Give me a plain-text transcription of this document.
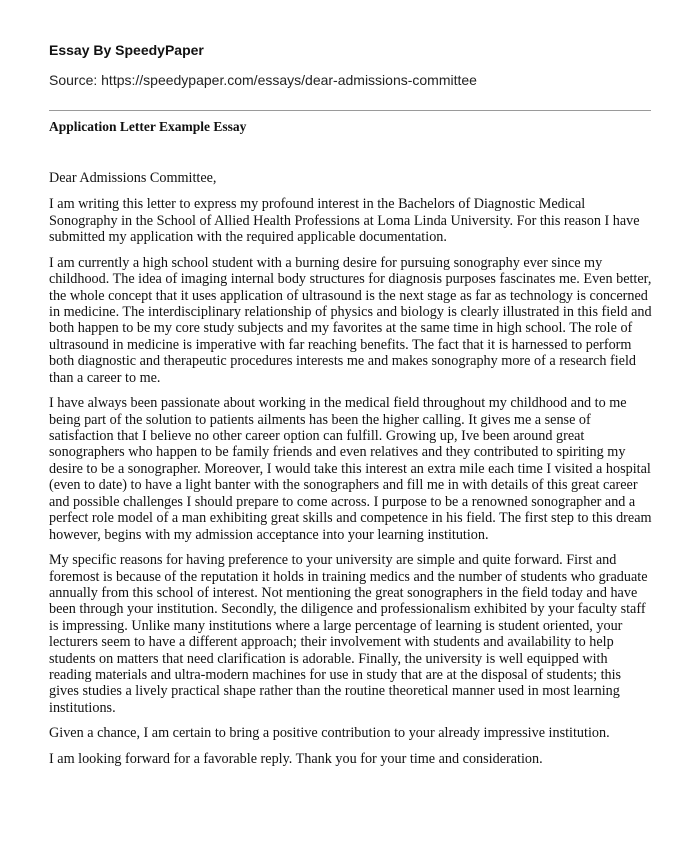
Essay By SpeedyPaper
Source: https://speedypaper.com/essays/dear-admissions-committee
Application Letter Example Essay

Dear Admissions Committee,

I am writing this letter to express my profound interest in the Bachelors of Diagnostic Medical Sonography in the School of Allied Health Professions at Loma Linda University. For this reason I have submitted my application with the required applicable documentation.

I am currently a high school student with a burning desire for pursuing sonography ever since my childhood. The idea of imaging internal body structures for diagnosis purposes fascinates me. Even better, the whole concept that it uses application of ultrasound is the next stage as far as technology is concerned in medicine. The interdisciplinary relationship of physics and biology is clearly illustrated in this field and both happen to be my core study subjects and my favorites at the same time in high school. The role of ultrasound in medicine is imperative with far reaching benefits. The fact that it is harnessed to perform both diagnostic and therapeutic procedures interests me and makes sonography more of a research field than a career to me.

I have always been passionate about working in the medical field throughout my childhood and to me being part of the solution to patients ailments has been the higher calling. It gives me a sense of satisfaction that I believe no other career option can fulfill. Growing up, Ive been around great sonographers who happen to be family friends and even relatives and they contributed to spiriting my desire to be a sonographer. Moreover, I would take this interest an extra mile each time I visited a hospital (even to date) to have a light banter with the sonographers and fill me in with details of this great career and possible challenges I should prepare to come across. I purpose to be a renowned sonographer and a perfect role model of a man exhibiting great skills and competence in his field. The first step to this dream however, begins with my admission acceptance into your learning institution.

My specific reasons for having preference to your university are simple and quite forward. First and foremost is because of the reputation it holds in training medics and the number of students who graduate annually from this school of interest. Not mentioning the great sonographers in the field today and have been through your institution. Secondly, the diligence and professionalism exhibited by your faculty staff is impressing. Unlike many institutions where a large percentage of learning is student oriented, your lecturers seem to have a different approach; their involvement with students and availability to help students on matters that need clarification is adorable. Finally, the university is well equipped with reading materials and ultra-modern machines for use in study that are at the disposal of students; this gives studies a lively practical shape rather than the routine theoretical manner used in most learning institutions.

Given a chance, I am certain to bring a positive contribution to your already impressive institution.

I am looking forward for a favorable reply. Thank you for your time and consideration.
